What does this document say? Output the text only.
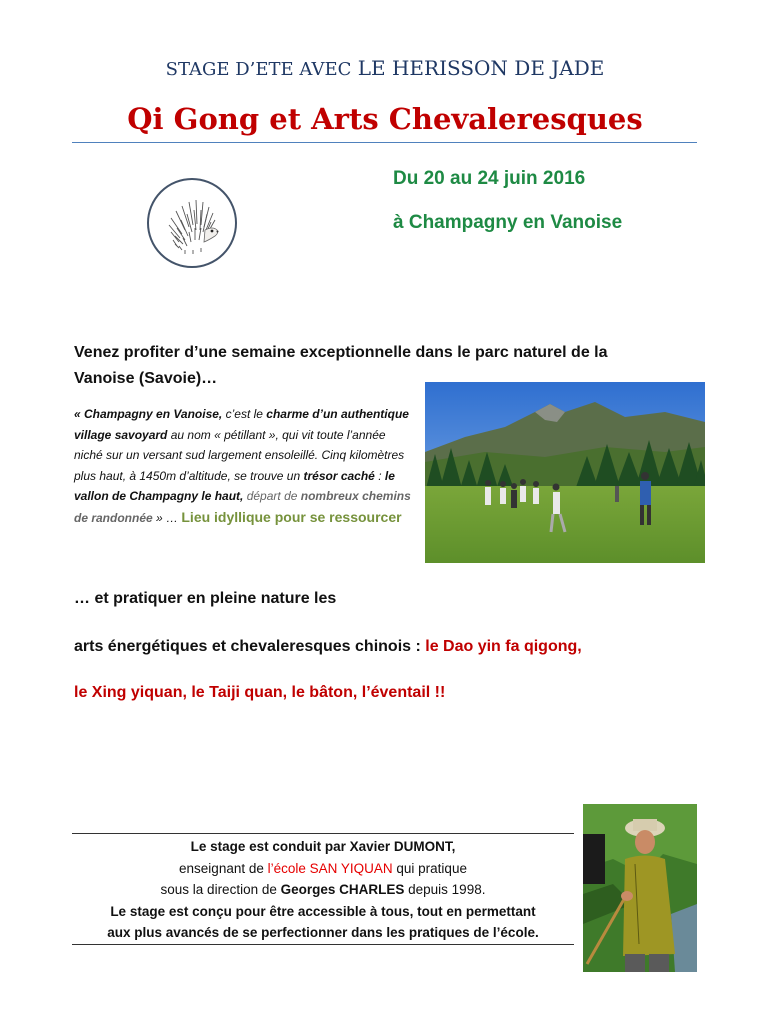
STAGE D’ETE AVEC LE HERISSON DE JADE
Qi Gong et Arts Chevaleresques
Du 20 au 24 juin 2016
à Champagny en Vanoise
Venez profiter d’une semaine exceptionnelle dans le parc naturel de la
Vanoise (Savoie)…
« Champagny en Vanoise, c’est le charme d’un authentique village savoyard au nom « pétillant », qui vit toute l’année niché sur un versant sud largement ensoleillé. Cinq kilomètres plus haut, à 1450m d’altitude, se trouve un trésor caché : le vallon de Champagny le haut, départ de nombreux chemins de randonnée » … Lieu idyllique pour se ressourcer
… et pratiquer en pleine nature les
arts énergétiques et chevaleresques chinois : le Dao yin fa qigong,
le Xing yiquan, le Taiji quan, le bâton, l’éventail !!
Le stage est conduit par Xavier DUMONT,
enseignant de l’école SAN YIQUAN qui pratique
sous la direction de Georges CHARLES depuis 1998.
Le stage est conçu pour être accessible à tous, tout en permettant
aux plus avancés de se perfectionner dans les pratiques de l’école.
